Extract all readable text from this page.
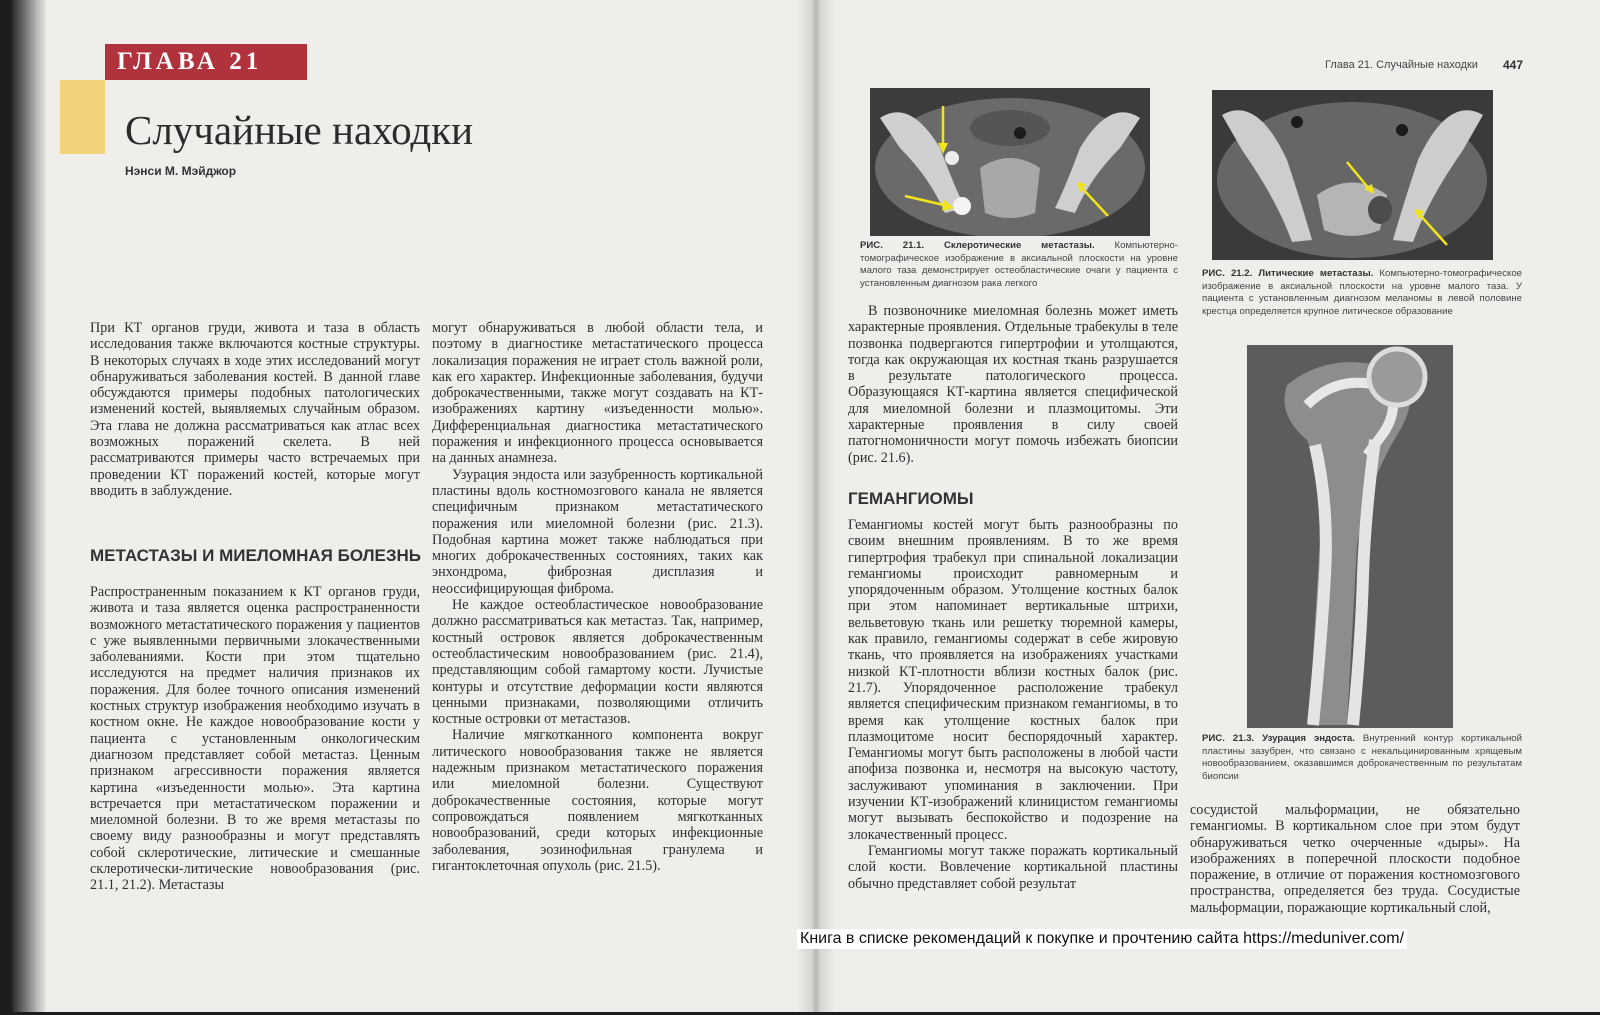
ГЛАВА 21
Случайные находки
Нэнси М. Мэйджор

При КТ органов груди, живота и таза в область исследования также включаются костные структуры. В некоторых случаях в ходе этих исследований могут обнаруживаться заболевания костей. В данной главе обсуждаются примеры подобных патологических изменений костей, выявляемых случайным образом. Эта глава не должна рассматриваться как атлас всех возможных поражений скелета. В ней рассматриваются примеры часто встречаемых при проведении КТ поражений костей, которые могут вводить в заблуждение.

МЕТАСТАЗЫ И МИЕЛОМНАЯ БОЛЕЗНЬ

Распространенным показанием к КТ органов груди, живота и таза является оценка распространенности возможного метастатического поражения у пациентов с уже выявленными первичными злокачественными заболеваниями. Кости при этом тщательно исследуются на предмет наличия признаков их поражения. Для более точного описания изменений костных структур изображения необходимо изучать в костном окне. Не каждое новообразование кости у пациента с установленным онкологическим диагнозом представляет собой метастаз. Ценным признаком агрессивности поражения является картина «изъеденности молью». Эта картина встречается при метастатическом поражении и миеломной болезни. В то же время метастазы по своему виду разнообразны и могут представлять собой склеротические, литические и смешанные склеротически-литические новообразования (рис. 21.1, 21.2). Метастазы

могут обнаруживаться в любой области тела, и поэтому в диагностике метастатического процесса локализация поражения не играет столь важной роли, как его характер. Инфекционные заболевания, будучи доброкачественными, также могут создавать на КТ-изображениях картину «изъеденности молью». Дифференциальная диагностика метастатического поражения и инфекционного процесса основывается на данных анамнеза.

Узурация эндоста или зазубренность кортикальной пластины вдоль костномозгового канала не является специфичным признаком метастатического поражения или миеломной болезни (рис. 21.3). Подобная картина может также наблюдаться при многих доброкачественных состояниях, таких как энхондрома, фиброзная дисплазия и неоссифицирующая фиброма.

Не каждое остеобластическое новообразование должно рассматриваться как метастаз. Так, например, костный островок является доброкачественным остеобластическим новообразованием (рис. 21.4), представляющим собой гамартому кости. Лучистые контуры и отсутствие деформации кости являются ценными признаками, позволяющими отличить костные островки от метастазов.

Наличие мягкотканного компонента вокруг литического новообразования также не является надежным признаком метастатического поражения или миеломной болезни. Существуют доброкачественные состояния, которые могут сопровождаться появлением мягкотканных новообразований, среди которых инфекционные заболевания, эозинофильная гранулема и гигантоклеточная опухоль (рис. 21.5).

Глава 21. Случайные находки 447
РИС. 21.1. Склеротические метастазы. Компьютерно-томографическое изображение в аксиальной плоскости на уровне малого таза демонстрирует остеобластические очаги у пациента с установленным диагнозом рака легкого
РИС. 21.2. Литические метастазы. Компьютерно-томографическое изображение в аксиальной плоскости на уровне малого таза. У пациента с установленным диагнозом меланомы в левой половине крестца определяется крупное литическое образование
РИС. 21.3. Узурация эндоста. Внутренний контур кортикальной пластины зазубрен, что связано с некальцинированным хрящевым новообразованием, оказавшимся доброкачественным по результатам биопсии

В позвоночнике миеломная болезнь может иметь характерные проявления. Отдельные трабекулы в теле позвонка подвергаются гипертрофии и утолщаются, тогда как окружающая их костная ткань разрушается в результате патологического процесса. Образующаяся КТ-картина является специфической для миеломной болезни и плазмоцитомы. Эти характерные проявления в силу своей патогномоничности могут помочь избежать биопсии (рис. 21.6).

ГЕМАНГИОМЫ

Гемангиомы костей могут быть разнообразны по своим внешним проявлениям. В то же время гипертрофия трабекул при спинальной локализации гемангиомы происходит равномерным и упорядоченным образом. Утолщение костных балок при этом напоминает вертикальные штрихи, вельветовую ткань или решетку тюремной камеры, как правило, гемангиомы содержат в себе жировую ткань, что проявляется на изображениях участками низкой КТ-плотности вблизи костных балок (рис. 21.7). Упорядоченное расположение трабекул является специфическим признаком гемангиомы, в то время как утолщение костных балок при плазмоцитоме носит беспорядочный характер. Гемангиомы могут быть расположены в любой части апофиза позвонка и, несмотря на высокую частоту, заслуживают упоминания в заключении. При изучении КТ-изображений клиницистом гемангиомы могут вызывать беспокойство и подозрение на злокачественный процесс.

Гемангиомы могут также поражать кортикальный слой кости. Вовлечение кортикальной пластины обычно представляет собой результат

сосудистой мальформации, не обязательно гемангиомы. В кортикальном слое при этом будут обнаруживаться четко очерченные «дыры». На изображениях в поперечной плоскости подобное поражение, в отличие от поражения костномозгового пространства, определяется без труда. Сосудистые мальформации, поражающие кортикальный слой,

Книга в списке рекомендаций к покупке и прочтению сайта https://meduniver.com/
